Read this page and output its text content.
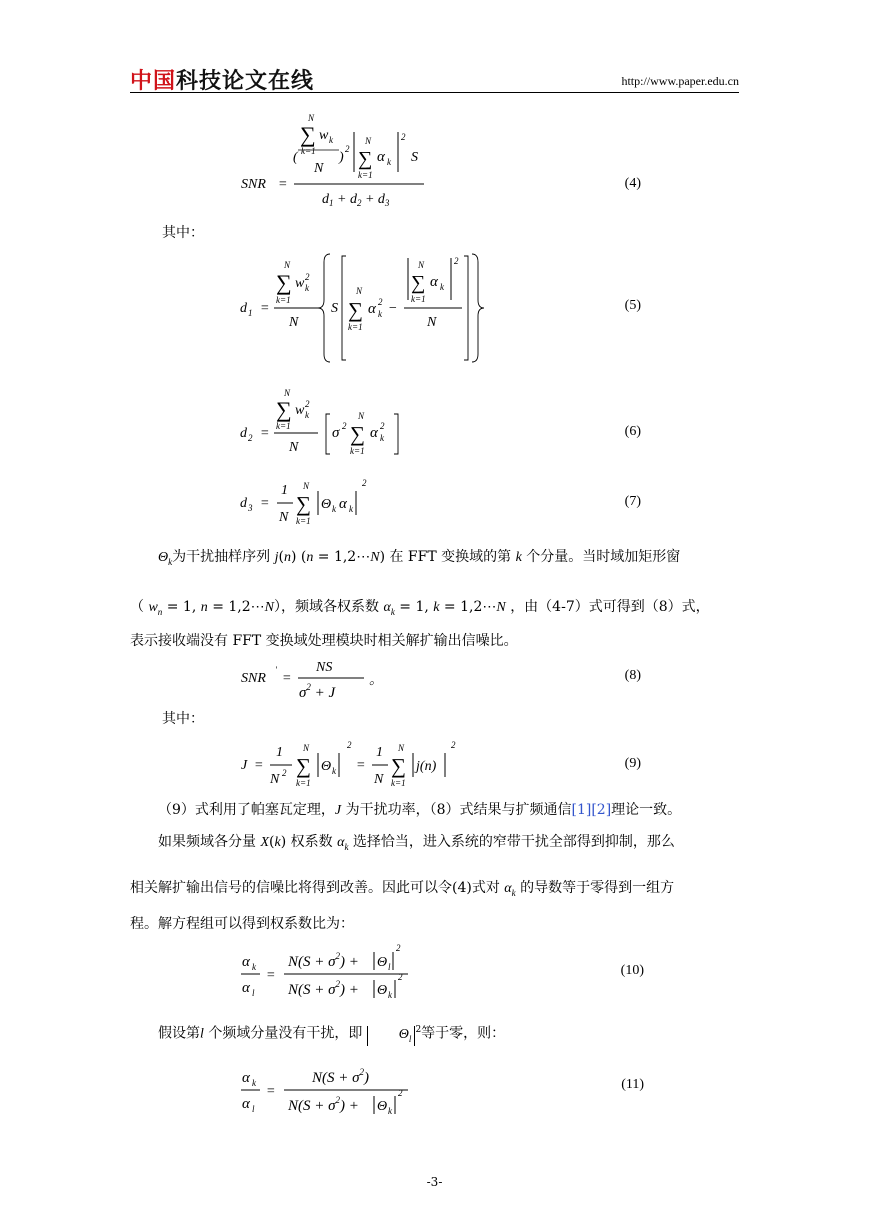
中国科技论文在线	http://www.paper.edu.cn
SNR =
N
∑ w k
k=1
(	)
2
N
N
∑
k=1
α k
2
S
$d_1 + d_2 + d_3$
(4)
其中：
d 1 =
N
∑ w 2
k
k=1
N
S
N
∑
k=1
α 2
k −
N
∑
k=1
α k
2
N
(5)
d 2 =
N
∑ w 2
k
k=1
N
σ 2
N
∑
k=1
α 2
k	(6)
d 3 =
1
N
N
∑
k=1
Θ k α k
2
(7)
$\Theta_k$为干扰抽样序列 j(n) (n = 1,2⋯N) 在 FFT 变换域的第 k 个分量。当时域加矩形窗
（ $w_n = 1$, n = 1,2⋯N），频域各权系数 $\alpha_k = 1$, k = 1,2⋯N ，由（4-7）式可得到（8）式，
表示接收端没有 FFT 变换域处理模块时相关解扩输出信噪比。
SNR
'
=
NS
$\sigma^2 + J$
。	(8)
其中：
J =
1
N 2
N
∑
k=1
Θ k
2
=
1
N
N
∑
k=1
j(n)
2
(9)
（9）式利用了帕塞瓦定理，J 为干扰功率，（8）式结果与扩频通信[1][2]理论一致。
如果频域各分量 X(k) 权系数 $\alpha_k$ 选择恰当，进入系统的窄带干扰全部得到抑制，那么
相关解扩输出信号的信噪比将得到改善。因此可以令(4)式对 $\alpha_k$ 的导数等于零得到一组方
程。解方程组可以得到权系数比为：
α k
α l
=
$N(S + \sigma^2) + \Theta$ l
2
$N(S + \sigma^2) + \Theta$ k
2	(10)
假设第l 个频域分量没有干扰，即	$\Theta_l^2$等于零，则：
α k
α l
=
$N(S + \sigma^2)$
$N(S + \sigma^2) + \Theta$ k
2
(11)
-3-
